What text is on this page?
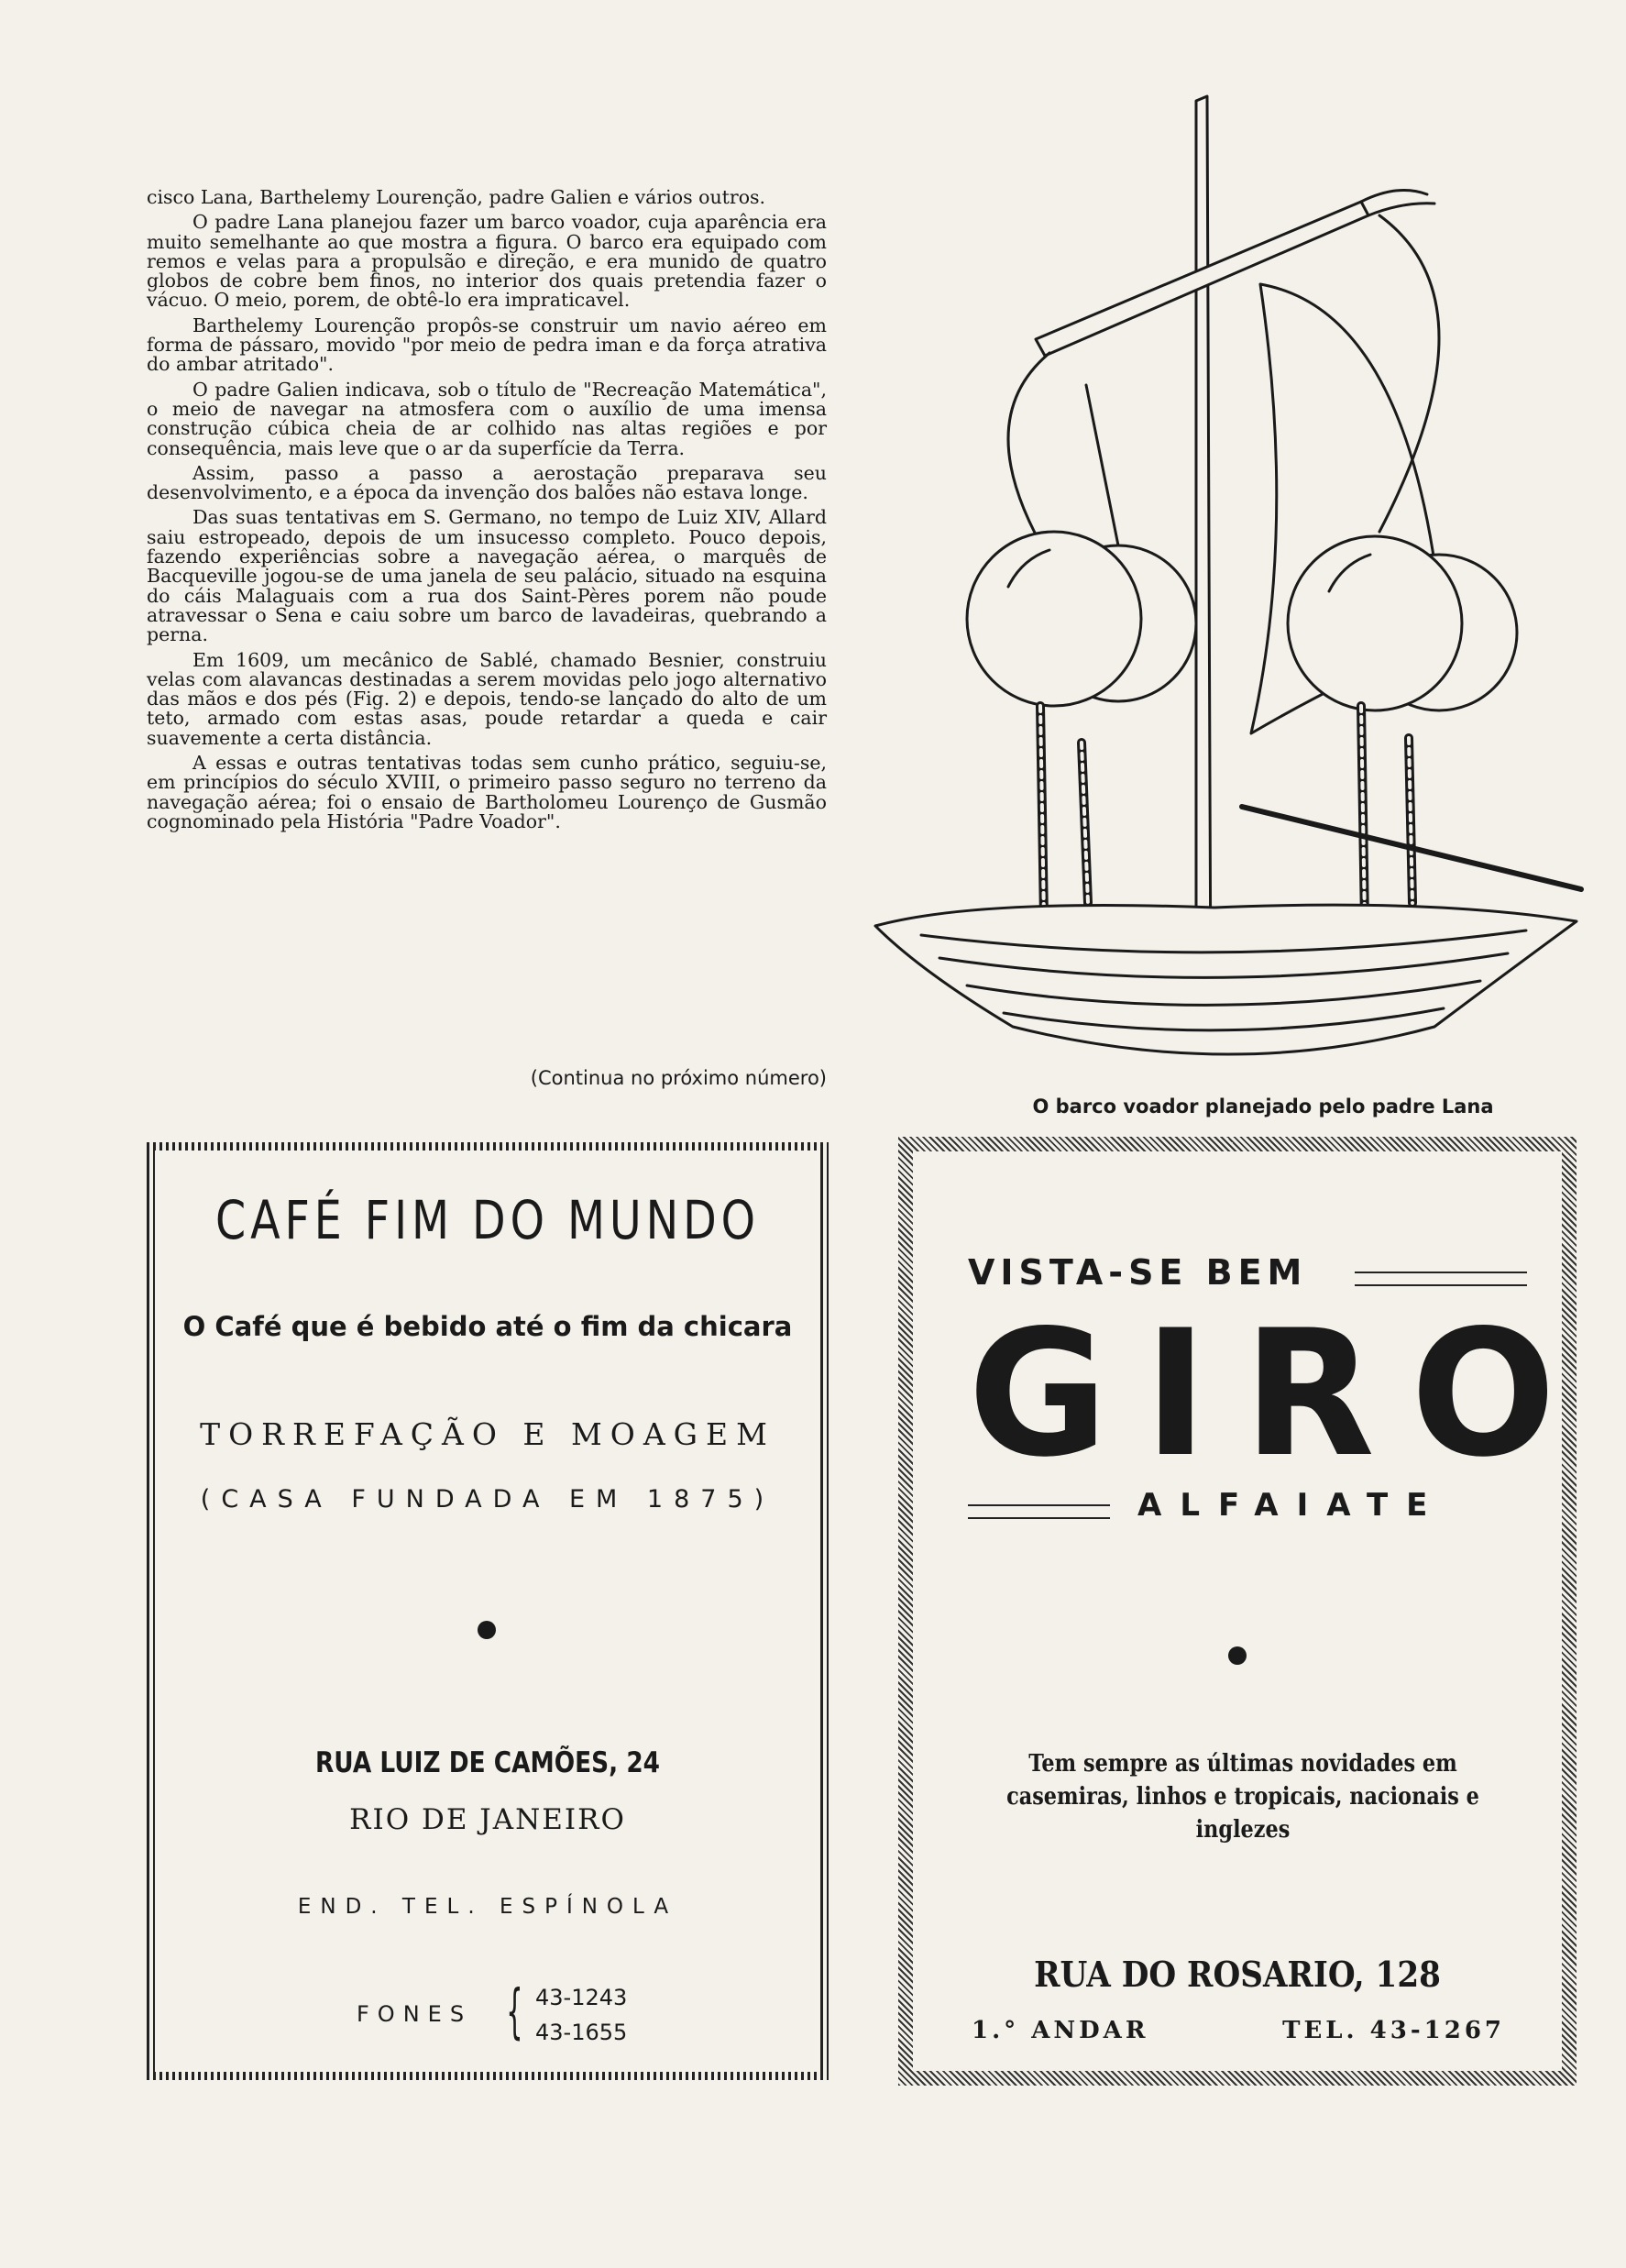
cisco Lana, Barthelemy Lourenção, padre Galien e vários outros.

O padre Lana planejou fazer um barco voador, cuja aparência era muito semelhante ao que mostra a figura. O barco era equipado com remos e velas para a propulsão e direção, e era munido de quatro globos de cobre bem finos, no interior dos quais pretendia fazer o vácuo. O meio, porem, de obtê-lo era impraticavel.

Barthelemy Lourenção propôs-se construir um navio aéreo em forma de pássaro, movido "por meio de pedra iman e da força atrativa do ambar atritado".

O padre Galien indicava, sob o título de "Recreação Matemática", o meio de navegar na atmosfera com o auxílio de uma imensa construção cúbica cheia de ar colhido nas altas regiões e por consequência, mais leve que o ar da superfície da Terra.

Assim, passo a passo a aerostação preparava seu desenvolvimento, e a época da invenção dos balões não estava longe.

Das suas tentativas em S. Germano, no tempo de Luiz XIV, Allard saiu estropeado, depois de um insucesso completo. Pouco depois, fazendo experiências sobre a navegação aérea, o marquês de Bacqueville jogou-se de uma janela de seu palácio, situado na esquina do cáis Malaguais com a rua dos Saint-Pères porem não poude atravessar o Sena e caiu sobre um barco de lavadeiras, quebrando a perna.

Em 1609, um mecânico de Sablé, chamado Besnier, construiu velas com alavancas destinadas a serem movidas pelo jogo alternativo das mãos e dos pés (Fig. 2) e depois, tendo-se lançado do alto de um teto, armado com estas asas, poude retardar a queda e cair suavemente a certa distância.

A essas e outras tentativas todas sem cunho prático, seguiu-se, em princípios do século XVIII, o primeiro passo seguro no terreno da navegação aérea; foi o ensaio de Bartholomeu Lourenço de Gusmão cognominado pela História "Padre Voador".

(Continua no próximo número)
O barco voador planejado pelo padre Lana
CAFÉ FIM DO MUNDO
O Café que é bebido até o fim da chicara
TORREFAÇÃO E MOAGEM
(CASA FUNDADA EM 1875)
RUA LUIZ DE CAMÕES, 24
RIO DE JANEIRO
END. TEL. ESPÍNOLA
FONES { 43-1243
43-1655
VISTA-SE BEM
GIRO
ALFAIATE
Tem sempre as últimas novidades em casemiras, linhos e tropicais, nacionais e inglezes
RUA DO ROSARIO, 128
1.° ANDAR	TEL. 43-1267
